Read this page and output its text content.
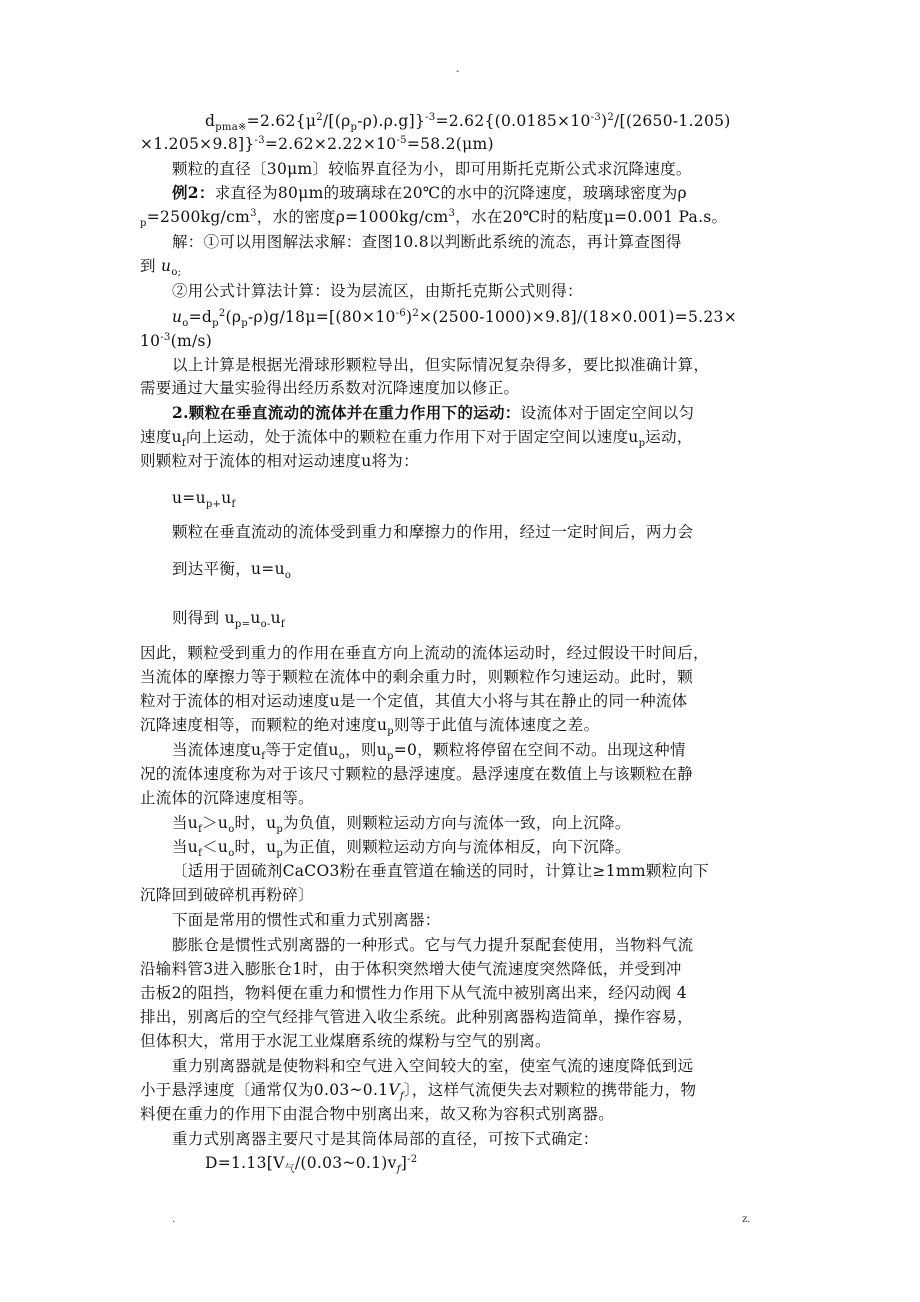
-
$d_{pma※}=2.62\{\mu^2/[(\rho_p-\rho).\rho.g]\}^{-3}=2.62\{(0.0185\times 10^{-3})^2/[(2650-1.205)$
$\times 1.205\times 9.8]\}^{-3}=2.62\times 2.22\times 10^{-5}=58.2(\mu m)$
颗粒的直径〔30μm〕较临界直径为小，即可用斯托克斯公式求沉降速度。
例2：求直径为80μm的玻璃球在20℃的水中的沉降速度，玻璃球密度为ρ
$_p=2500kg/cm^3$，水的密度$\rho=1000kg/cm^3$，水在20℃时的粘度μ=0.001 Pa.s。
解：①可以用图解法求解：查图10.8以判断此系统的流态，再计算查图得
到 $u_{o;}$
②用公式计算法计算：设为层流区，由斯托克斯公式则得：
$u_o=d_p^2(\rho_p-\rho)g/18\mu=[(80\times 10^{-6})^2\times(2500-1000)\times 9.8]/(18\times 0.001)=5.23\times$
$10^{-3}(m/s)$
以上计算是根据光滑球形颗粒导出，但实际情况复杂得多，要比拟准确计算，
需要通过大量实验得出经历系数对沉降速度加以修正。
2.颗粒在垂直流动的流体并在重力作用下的运动：设流体对于固定空间以匀
速度$u_f$向上运动，处于流体中的颗粒在重力作用下对于固定空间以速度$u_p$运动，
则颗粒对于流体的相对运动速度u将为：
$u=u_{p+}u_f$
颗粒在垂直流动的流体受到重力和摩擦力的作用，经过一定时间后，两力会
到达平衡，$u=u_o$
则得到 $u_{p=}u_{o-}u_f$
因此，颗粒受到重力的作用在垂直方向上流动的流体运动时，经过假设干时间后，
当流体的摩擦力等于颗粒在流体中的剩余重力时，则颗粒作匀速运动。此时，颗
粒对于流体的相对运动速度u是一个定值，其值大小将与其在静止的同一种流体
沉降速度相等，而颗粒的绝对速度$u_p$则等于此值与流体速度之差。
当流体速度$u_f$等于定值$u_o$，则$u_p=0$，颗粒将停留在空间不动。出现这种情
况的流体速度称为对于该尺寸颗粒的悬浮速度。悬浮速度在数值上与该颗粒在静
止流体的沉降速度相等。
当$u_f>u_o$时，$u_p$为负值，则颗粒运动方向与流体一致，向上沉降。
当$u_f<u_o$时，$u_p$为正值，则颗粒运动方向与流体相反，向下沉降。
〔适用于固硫剂CaCO3粉在垂直管道在输送的同时，计算让≥1mm颗粒向下
沉降回到破碎机再粉碎〕
下面是常用的惯性式和重力式别离器：
膨胀仓是惯性式别离器的一种形式。它与气力提升泵配套使用，当物料气流
沿输料管3进入膨胀仓1时，由于体积突然增大使气流速度突然降低，并受到冲
击板2的阻挡，物料便在重力和惯性力作用下从气流中被别离出来，经闪动阀 4
排出，别离后的空气经排气管进入收尘系统。此种别离器构造简单，操作容易，
但体积大，常用于水泥工业煤磨系统的煤粉与空气的别离。
重力别离器就是使物料和空气进入空间较大的室，使室气流的速度降低到远
小于悬浮速度〔通常仅为$0.03\sim 0.1V_f$〕，这样气流便失去对颗粒的携带能力，物
料便在重力的作用下由混合物中别离出来，故又称为容积式别离器。
重力式别离器主要尺寸是其筒体局部的直径，可按下式确定：
$D=1.13[V_气/(0.03\sim 0.1)v_f]^{-2}$
.	z.
